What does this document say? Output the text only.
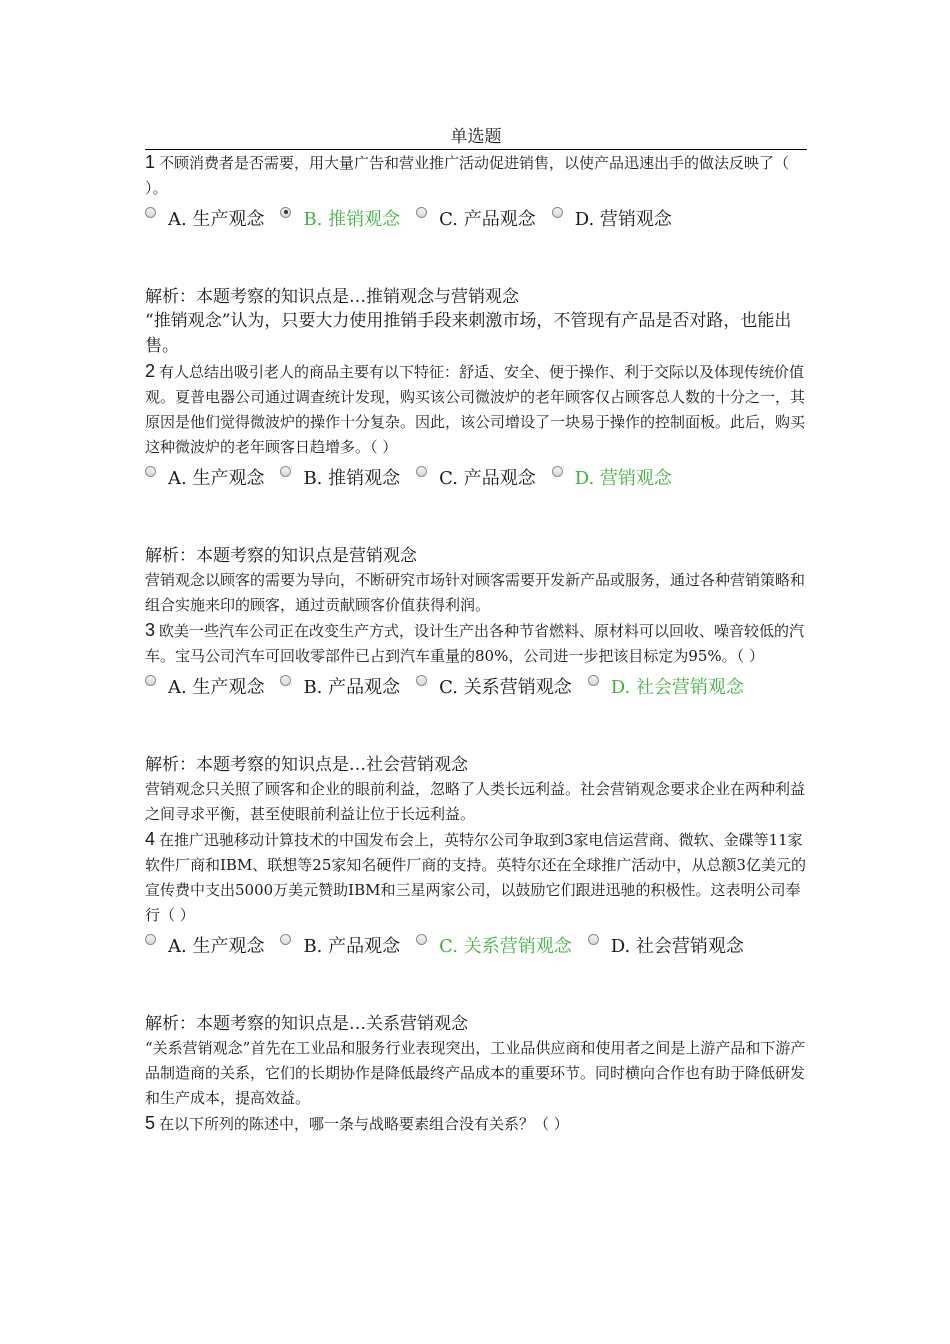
单选题

1 不顾消费者是否需要，用大量广告和营业推广活动促进销售，以使产品迅速出手的做法反映了（ ）。

A. 生产观念 B. 推销观念 C. 产品观念 D. 营销观念

解析：本题考察的知识点是…推销观念与营销观念

“推销观念”认为，只要大力使用推销手段来刺激市场，不管现有产品是否对路，也能出售。

2 有人总结出吸引老人的商品主要有以下特征：舒适、安全、便于操作、利于交际以及体现传统价值观。夏普电器公司通过调查统计发现，购买该公司微波炉的老年顾客仅占顾客总人数的十分之一，其原因是他们觉得微波炉的操作十分复杂。因此，该公司增设了一块易于操作的控制面板。此后，购买这种微波炉的老年顾客日趋增多。（ ）

A. 生产观念 B. 推销观念 C. 产品观念 D. 营销观念

解析：本题考察的知识点是营销观念

营销观念以顾客的需要为导向，不断研究市场针对顾客需要开发新产品或服务，通过各种营销策略和组合实施来印的顾客，通过贡献顾客价值获得利润。

3 欧美一些汽车公司正在改变生产方式，设计生产出各种节省燃料、原材料可以回收、噪音较低的汽车。宝马公司汽车可回收零部件已占到汽车重量的80%，公司进一步把该目标定为95%。（ ）

A. 生产观念 B. 产品观念 C. 关系营销观念 D. 社会营销观念

解析：本题考察的知识点是…社会营销观念

营销观念只关照了顾客和企业的眼前利益，忽略了人类长远利益。社会营销观念要求企业在两种利益之间寻求平衡，甚至使眼前利益让位于长远利益。

4 在推广迅驰移动计算技术的中国发布会上，英特尔公司争取到3家电信运营商、微软、金碟等11家软件厂商和IBM、联想等25家知名硬件厂商的支持。英特尔还在全球推广活动中，从总额3亿美元的宣传费中支出5000万美元赞助IBM和三星两家公司，以鼓励它们跟进迅驰的积极性。这表明公司奉行（ ）

A. 生产观念 B. 产品观念 C. 关系营销观念 D. 社会营销观念

解析：本题考察的知识点是…关系营销观念

“关系营销观念”首先在工业品和服务行业表现突出，工业品供应商和使用者之间是上游产品和下游产品制造商的关系，它们的长期协作是降低最终产品成本的重要环节。同时横向合作也有助于降低研发和生产成本，提高效益。

5 在以下所列的陈述中，哪一条与战略要素组合没有关系？（ ）
